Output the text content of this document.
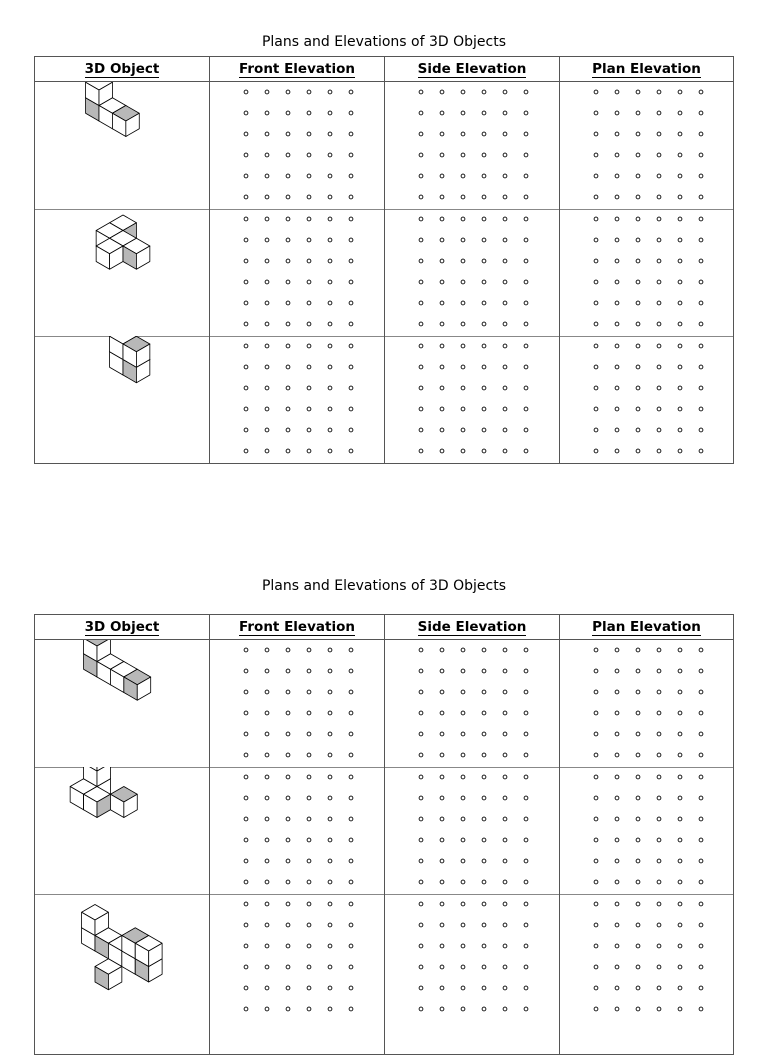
Plans and Elevations of 3D Objects
3D Object	Front Elevation	Side Elevation	Plan Elevation
Plans and Elevations of 3D Objects
3D Object	Front Elevation	Side Elevation	Plan Elevation
